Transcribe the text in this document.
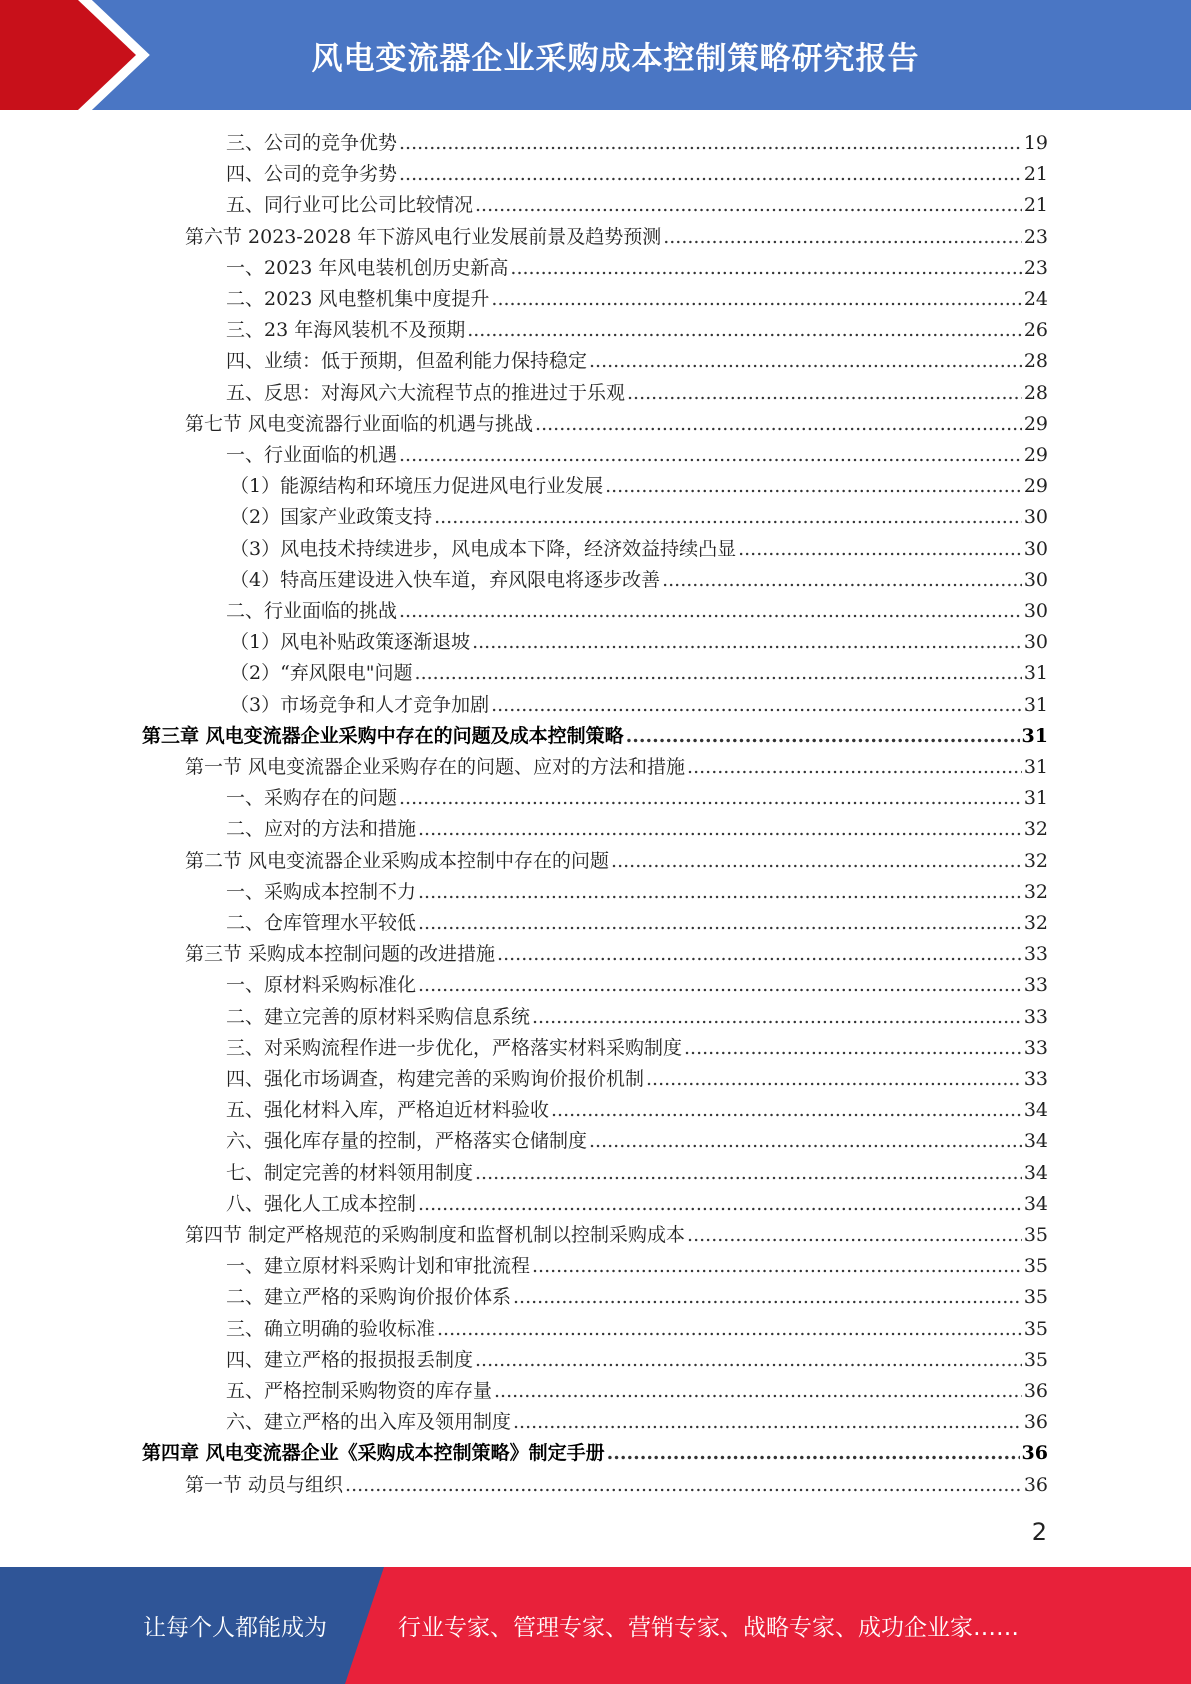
风电变流器企业采购成本控制策略研究报告
三、公司的竞争优势 .....	19
四、公司的竞争劣势 .....	21
五、同行业可比公司比较情况 .....	21
第六节 2023-2028 年下游风电行业发展前景及趋势预测 .....	23
一、2023 年风电装机创历史新高 .....	23
二、2023 风电整机集中度提升 .....	24
三、23 年海风装机不及预期 .....	26
四、业绩：低于预期，但盈利能力保持稳定 .....	28
五、反思：对海风六大流程节点的推进过于乐观 .....	28
第七节 风电变流器行业面临的机遇与挑战 .....	29
一、行业面临的机遇 .....	29
（1）能源结构和环境压力促进风电行业发展 .....	29
（2）国家产业政策支持 .....	30
（3）风电技术持续进步，风电成本下降，经济效益持续凸显 .....	30
（4）特高压建设进入快车道，弃风限电将逐步改善 .....	30
二、行业面临的挑战 .....	30
（1）风电补贴政策逐渐退坡 .....	30
（2）“弃风限电"问题 .....	31
（3）市场竞争和人才竞争加剧 .....	31
第三章 风电变流器企业采购中存在的问题及成本控制策略 .....	31
第一节 风电变流器企业采购存在的问题、应对的方法和措施 .....	31
一、采购存在的问题 .....	31
二、应对的方法和措施 .....	32
第二节 风电变流器企业采购成本控制中存在的问题 .....	32
一、采购成本控制不力 .....	32
二、仓库管理水平较低 .....	32
第三节 采购成本控制问题的改进措施 .....	33
一、原材料采购标准化 .....	33
二、建立完善的原材料采购信息系统 .....	33
三、对采购流程作进一步优化，严格落实材料采购制度 .....	33
四、强化市场调查，构建完善的采购询价报价机制 .....	33
五、强化材料入库，严格迫近材料验收 .....	34
六、强化库存量的控制，严格落实仓储制度 .....	34
七、制定完善的材料领用制度 .....	34
八、强化人工成本控制 .....	34
第四节 制定严格规范的采购制度和监督机制以控制采购成本 .....	35
一、建立原材料采购计划和审批流程 .....	35
二、建立严格的采购询价报价体系 .....	35
三、确立明确的验收标准 .....	35
四、建立严格的报损报丢制度 .....	35
五、严格控制采购物资的库存量 .....	36
六、建立严格的出入库及领用制度 .....	36
第四章 风电变流器企业《采购成本控制策略》制定手册 .....	36
第一节 动员与组织 .....	36
2
让每个人都能成为	行业专家、管理专家、营销专家、战略专家、成功企业家……
